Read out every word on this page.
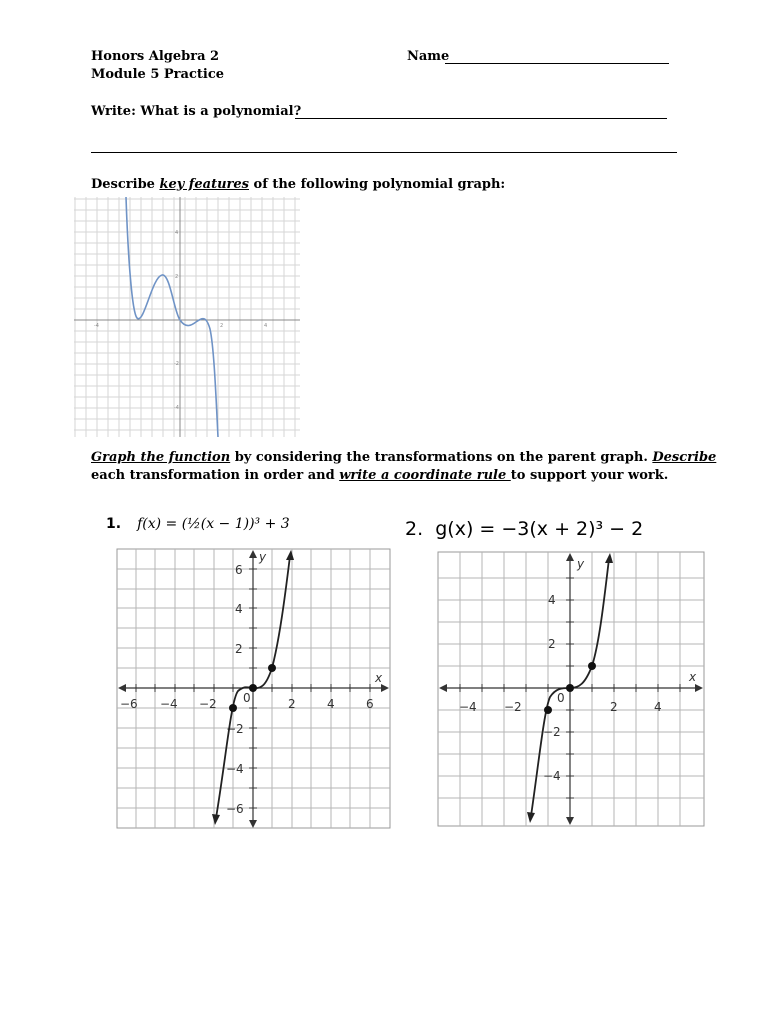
Honors Algebra 2
Module 5 Practice
Name
Write: What is a polynomial?
Describe key features of the following polynomial graph:
-4	2	4
4
2
-2
-4
Graph the function by considering the transformations on the parent graph. Describe
each transformation in order and write a coordinate rule to support your work.
1. f(x) = (½(x − 1))³ + 3	2. g(x) = −3(x + 2)³ − 2
−6 −4 −2	2	4	6
6
4
2
−2
−4
−6
0
x
y
−4 −2	2	4
4
2
−2
−4
0
x
y
